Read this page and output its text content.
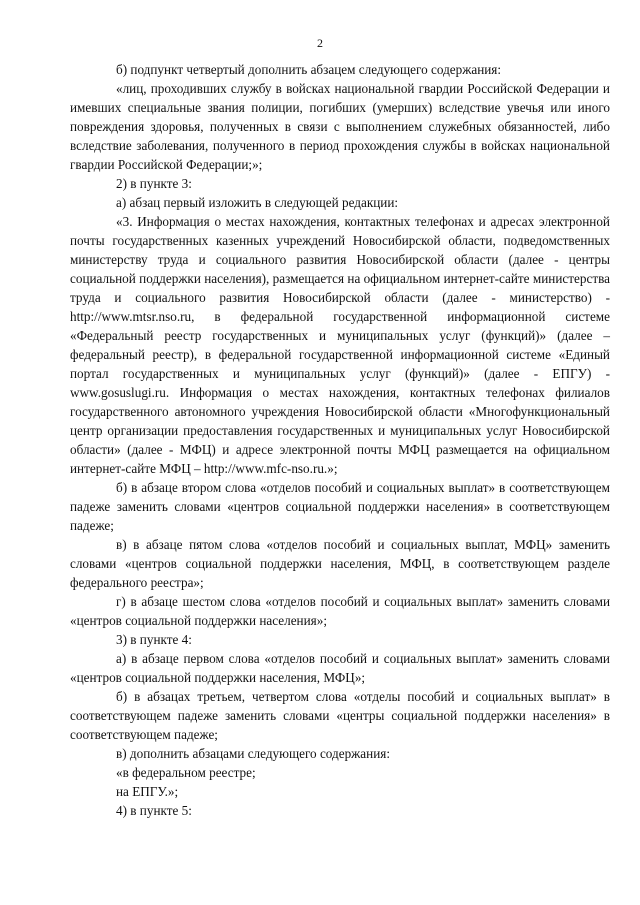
2

б) подпункт четвертый дополнить абзацем следующего содержания:

«лиц, проходивших службу в войсках национальной гвардии Российской Федерации и имевших специальные звания полиции, погибших (умерших) вследствие увечья или иного повреждения здоровья, полученных в связи с выполнением служебных обязанностей, либо вследствие заболевания, полученного в период прохождения службы в войсках национальной гвардии Российской Федерации;»;

2) в пункте 3:

а) абзац первый изложить в следующей редакции:

«3. Информация о местах нахождения, контактных телефонах и адресах электронной почты государственных казенных учреждений Новосибирской области, подведомственных министерству труда и социального развития Новосибирской области (далее - центры социальной поддержки населения), размещается на официальном интернет-сайте министерства труда и социального развития Новосибирской области (далее - министерство) - http://www.mtsr.nso.ru, в федеральной государственной информационной системе «Федеральный реестр государственных и муниципальных услуг (функций)» (далее – федеральный реестр), в федеральной государственной информационной системе «Единый портал государственных и муниципальных услуг (функций)» (далее - ЕПГУ) - www.gosuslugi.ru. Информация о местах нахождения, контактных телефонах филиалов государственного автономного учреждения Новосибирской области «Многофункциональный центр организации предоставления государственных и муниципальных услуг Новосибирской области» (далее - МФЦ) и адресе электронной почты МФЦ размещается на официальном интернет-сайте МФЦ – http://www.mfc-nso.ru.»;

б) в абзаце втором слова «отделов пособий и социальных выплат» в соответствующем падеже заменить словами «центров социальной поддержки населения» в соответствующем падеже;

в) в абзаце пятом слова «отделов пособий и социальных выплат, МФЦ» заменить словами «центров социальной поддержки населения, МФЦ, в соответствующем разделе федерального реестра»;

г) в абзаце шестом слова «отделов пособий и социальных выплат» заменить словами «центров социальной поддержки населения»;

3) в пункте 4:

а) в абзаце первом слова «отделов пособий и социальных выплат» заменить словами «центров социальной поддержки населения, МФЦ»;

б) в абзацах третьем, четвертом слова «отделы пособий и социальных выплат» в соответствующем падеже заменить словами «центры социальной поддержки населения» в соответствующем падеже;

в) дополнить абзацами следующего содержания:

«в федеральном реестре;

на ЕПГУ.»;

4) в пункте 5:
